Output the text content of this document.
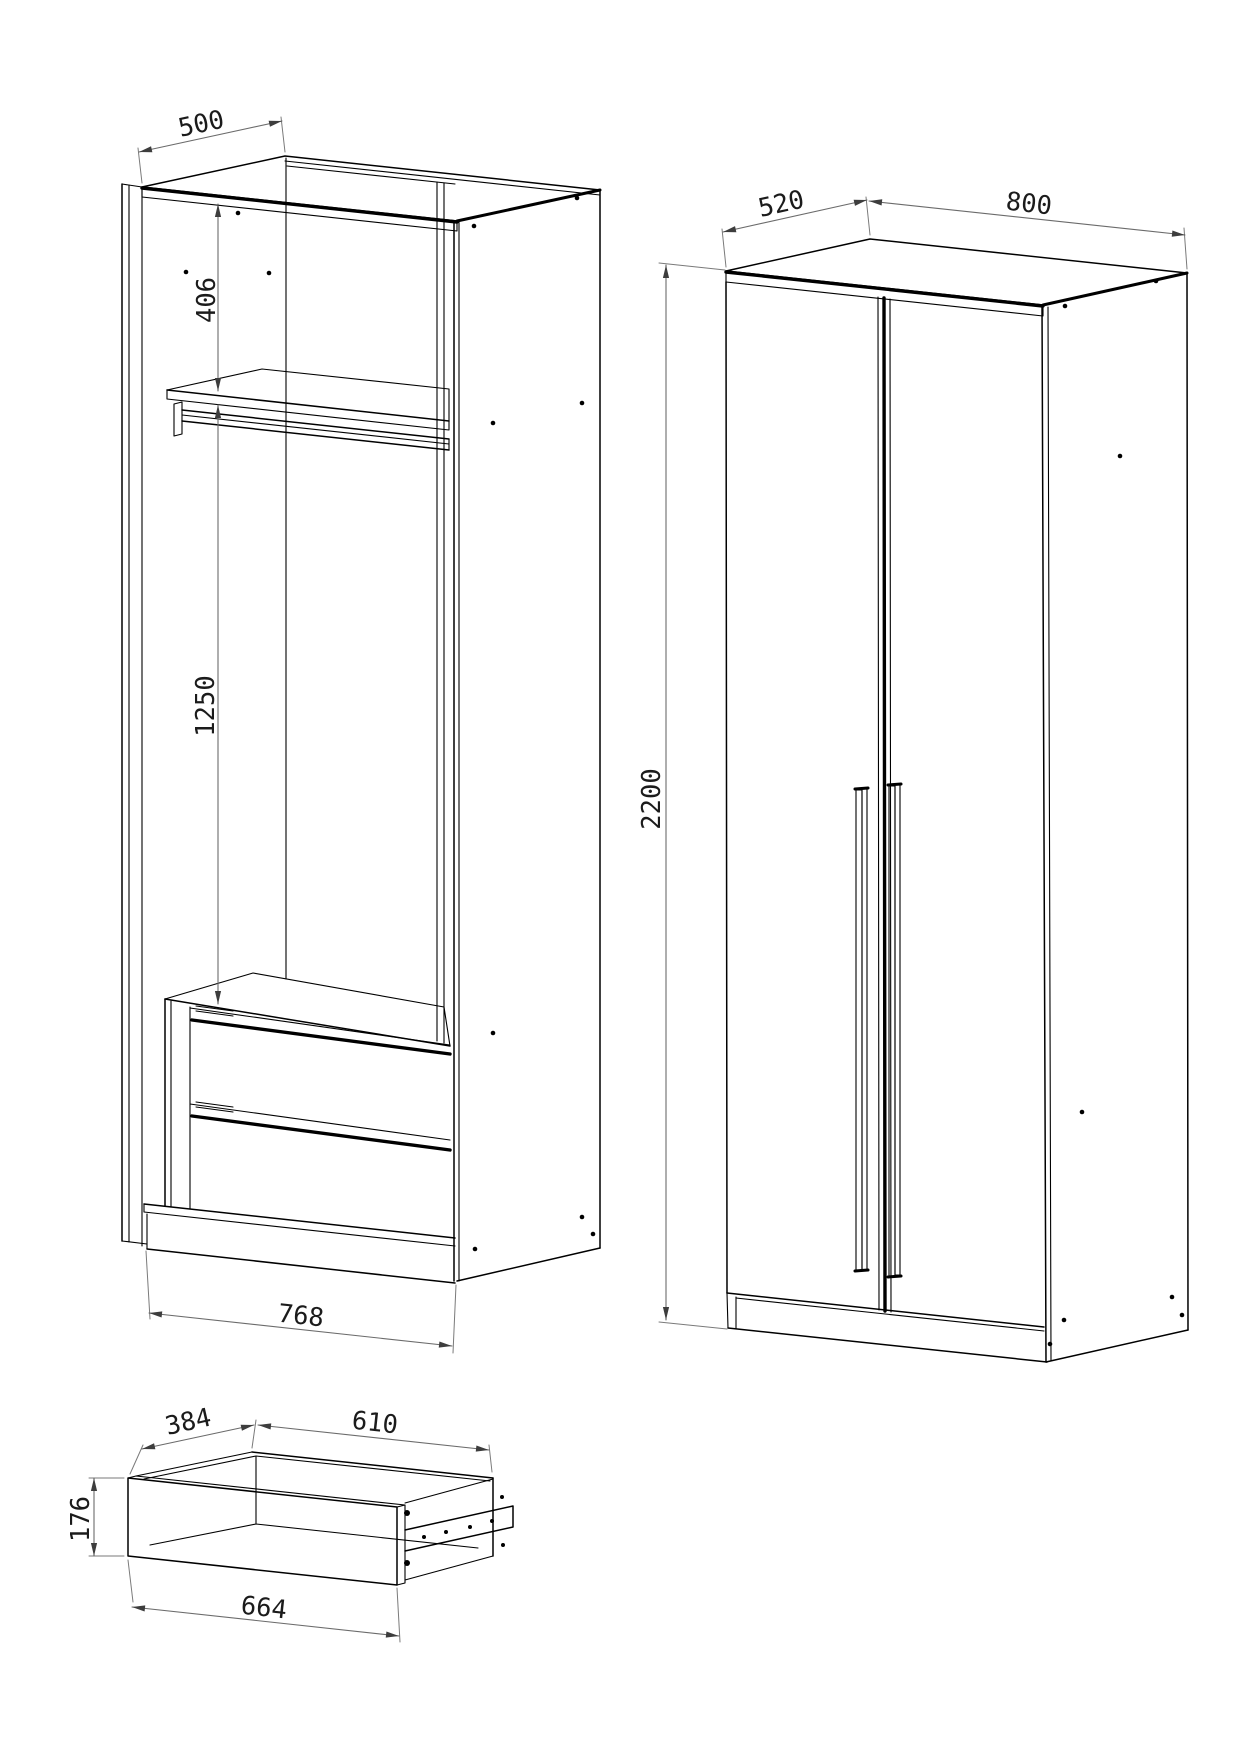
500
406
1250
768
520	800
2200
384	610
176
664
